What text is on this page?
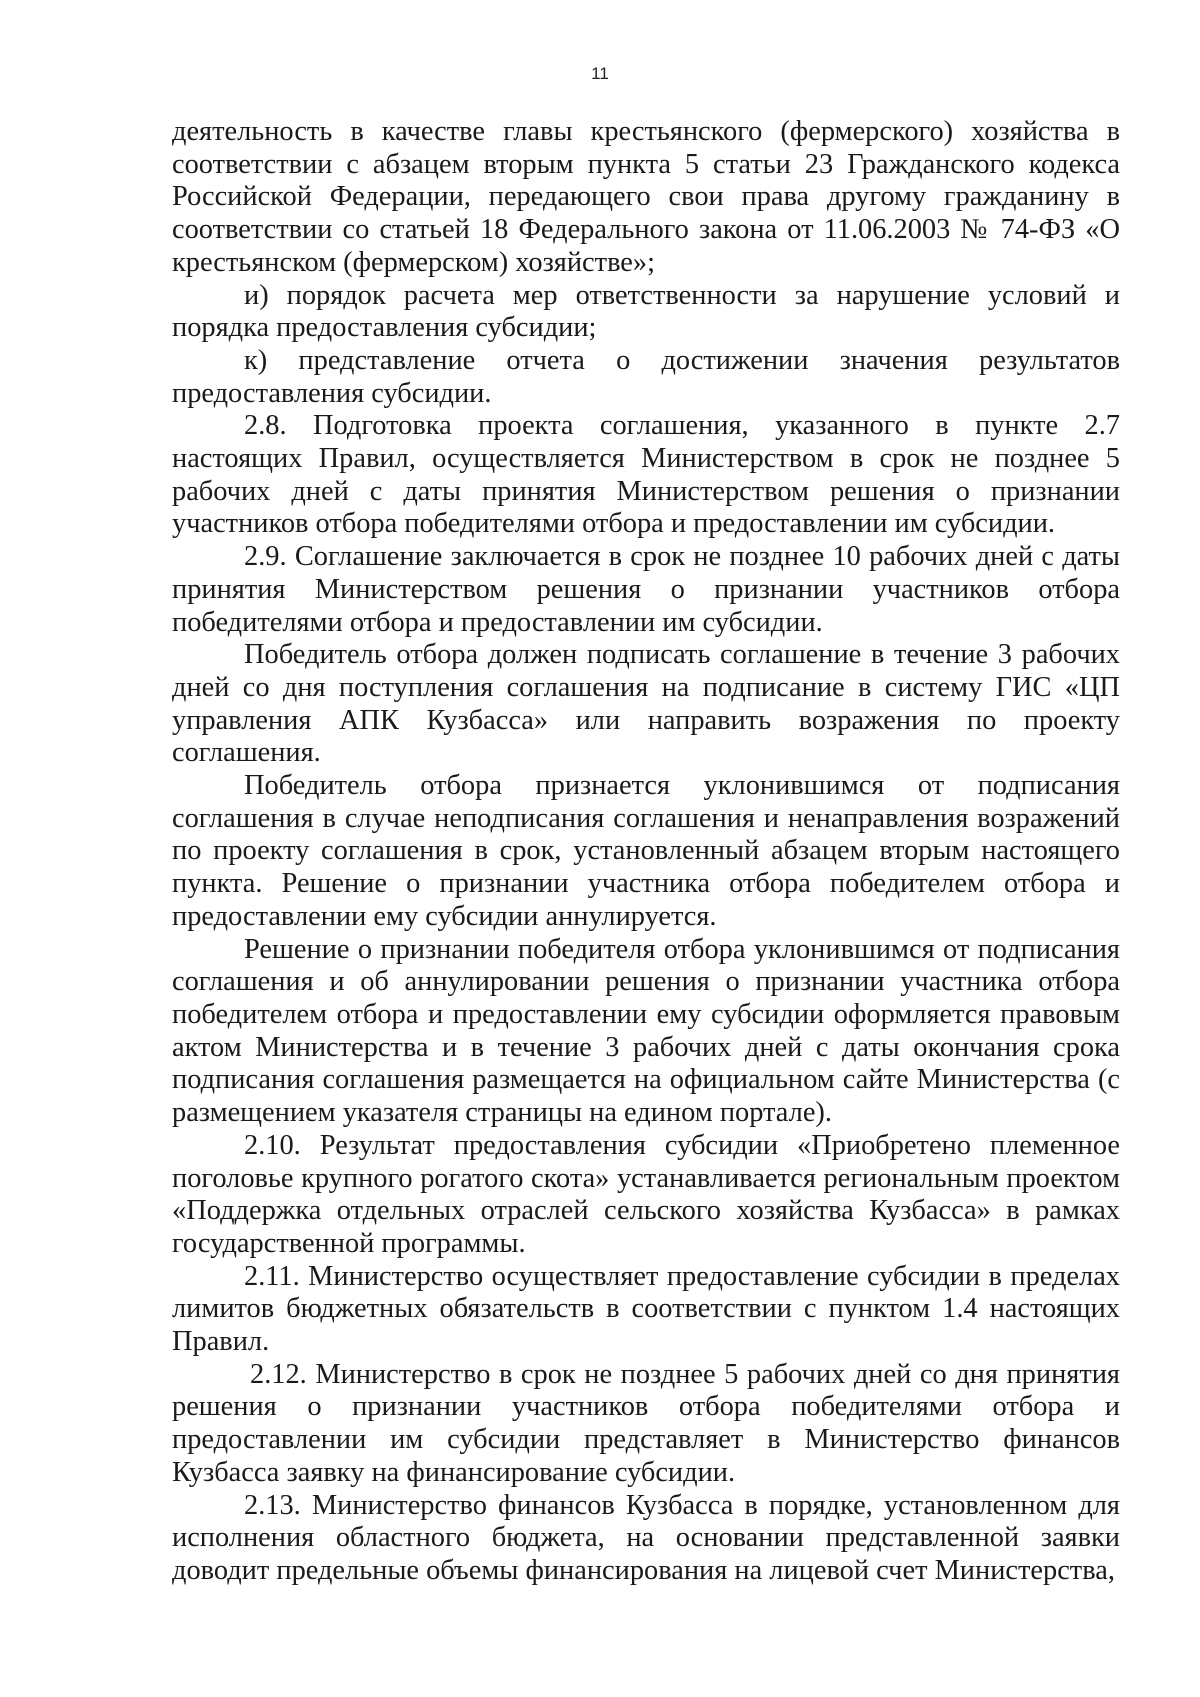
11

деятельность в качестве главы крестьянского (фермерского) хозяйства в соответствии с абзацем вторым пункта 5 статьи 23 Гражданского кодекса Российской Федерации, передающего свои права другому гражданину в соответствии со статьей 18 Федерального закона от 11.06.2003 № 74-ФЗ «О крестьянском (фермерском) хозяйстве»;

и) порядок расчета мер ответственности за нарушение условий и порядка предоставления субсидии;

к) представление отчета о достижении значения результатов предоставления субсидии.

2.8. Подготовка проекта соглашения, указанного в пункте 2.7 настоящих Правил, осуществляется Министерством в срок не позднее 5 рабочих дней с даты принятия Министерством решения о признании участников отбора победителями отбора и предоставлении им субсидии.

2.9. Соглашение заключается в срок не позднее 10 рабочих дней с даты принятия Министерством решения о признании участников отбора победителями отбора и предоставлении им субсидии.

Победитель отбора должен подписать соглашение в течение 3 рабочих дней со дня поступления соглашения на подписание в систему ГИС «ЦП управления АПК Кузбасса» или направить возражения по проекту соглашения.

Победитель отбора признается уклонившимся от подписания соглашения в случае неподписания соглашения и ненаправления возражений по проекту соглашения в срок, установленный абзацем вторым настоящего пункта. Решение о признании участника отбора победителем отбора и предоставлении ему субсидии аннулируется.

Решение о признании победителя отбора уклонившимся от подписания соглашения и об аннулировании решения о признании участника отбора победителем отбора и предоставлении ему субсидии оформляется правовым актом Министерства и в течение 3 рабочих дней с даты окончания срока подписания соглашения размещается на официальном сайте Министерства (с размещением указателя страницы на едином портале).

2.10. Результат предоставления субсидии «Приобретено племенное поголовье крупного рогатого скота» устанавливается региональным проектом «Поддержка отдельных отраслей сельского хозяйства Кузбасса» в рамках государственной программы.

2.11. Министерство осуществляет предоставление субсидии в пределах лимитов бюджетных обязательств в соответствии с пунктом 1.4 настоящих Правил.

2.12. Министерство в срок не позднее 5 рабочих дней со дня принятия решения о признании участников отбора победителями отбора и предоставлении им субсидии представляет в Министерство финансов Кузбасса заявку на финансирование субсидии.

2.13. Министерство финансов Кузбасса в порядке, установленном для исполнения областного бюджета, на основании представленной заявки доводит предельные объемы финансирования на лицевой счет Министерства,
